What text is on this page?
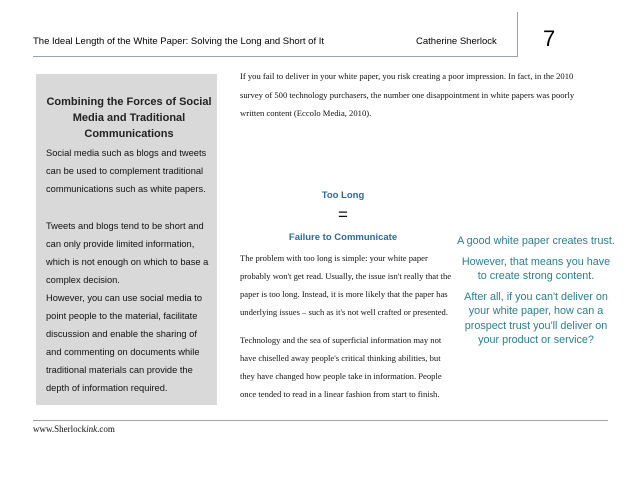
The Ideal Length of the White Paper: Solving the Long and Short of It	Catherine Sherlock 7
Combining the Forces of Social Media and Traditional Communications
Social media such as blogs and tweets can be used to complement traditional communications such as white papers.
Tweets and blogs tend to be short and can only provide limited information, which is not enough on which to base a complex decision.
However, you can use social media to point people to the material, facilitate discussion and enable the sharing of and commenting on documents while traditional materials can provide the depth of information required.
If you fail to deliver in your white paper, you risk creating a poor impression. In fact, in the 2010 survey of 500 technology purchasers, the number one disappointment in white papers was poorly written content (Eccolo Media, 2010).
Too Long
=
Failure to Communicate
The problem with too long is simple: your white paper probably won't get read. Usually, the issue isn't really that the paper is too long. Instead, it is more likely that the paper has underlying issues – such as it's not well crafted or presented.
Technology and the sea of superficial information may not have chiselled away people's critical thinking abilities, but they have changed how people take in information. People once tended to read in a linear fashion from start to finish.

A good white paper creates trust.

However, that means you have to create strong content.

After all, if you can't deliver on your white paper, how can a prospect trust you'll deliver on your product or service?

www.Sherlockink.com
